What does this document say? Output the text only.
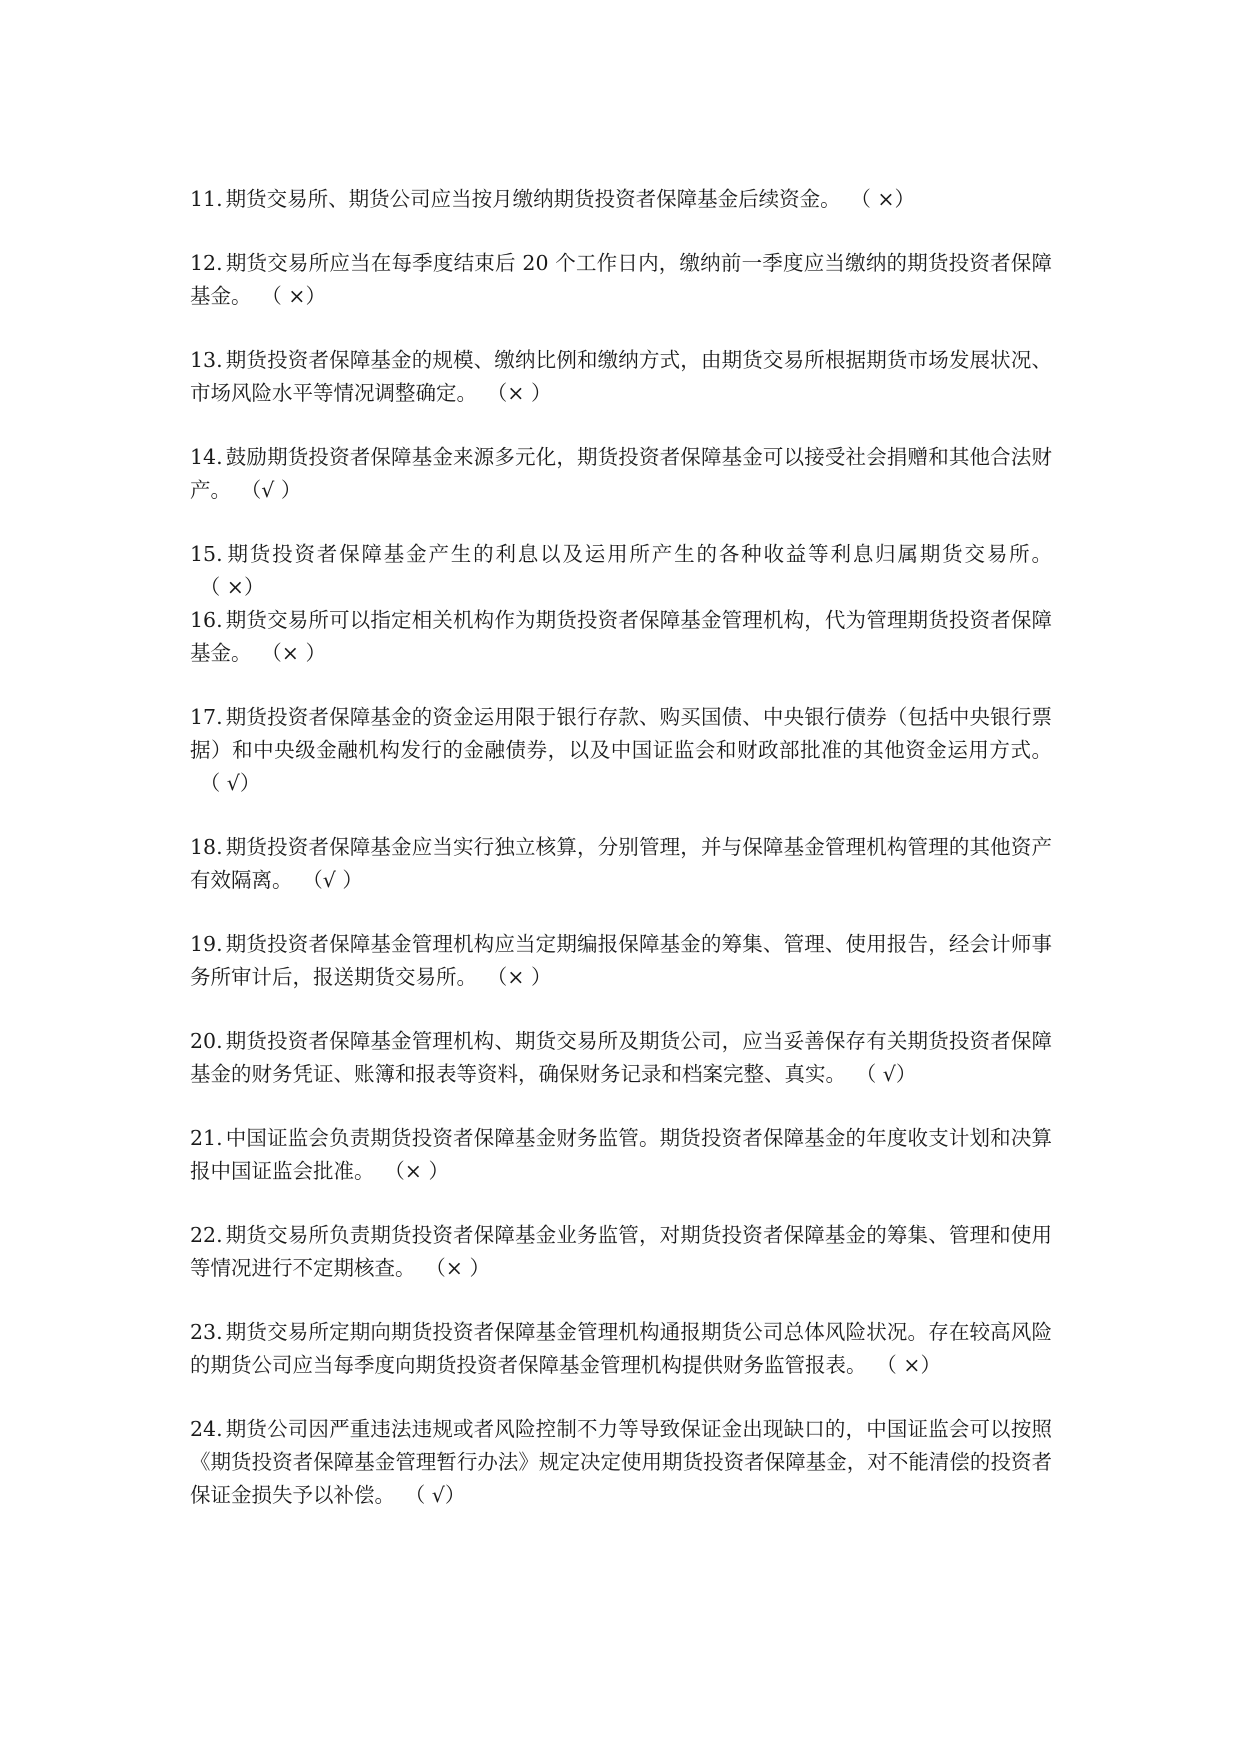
11. 期货交易所、期货公司应当按月缴纳期货投资者保障基金后续资金。 （ ×）
12. 期货交易所应当在每季度结束后 20 个工作日内，缴纳前一季度应当缴纳的期货投资者保障基金。 （ ×）
13. 期货投资者保障基金的规模、缴纳比例和缴纳方式，由期货交易所根据期货市场发展状况、市场风险水平等情况调整确定。 （× ）
14. 鼓励期货投资者保障基金来源多元化，期货投资者保障基金可以接受社会捐赠和其他合法财产。 （√ ）
15. 期货投资者保障基金产生的利息以及运用所产生的各种收益等利息归属期货交易所。（ ×）
16. 期货交易所可以指定相关机构作为期货投资者保障基金管理机构，代为管理期货投资者保障基金。 （× ）
17. 期货投资者保障基金的资金运用限于银行存款、购买国债、中央银行债券（包括中央银行票据）和中央级金融机构发行的金融债券，以及中国证监会和财政部批准的其他资金运用方式。（ √）
18. 期货投资者保障基金应当实行独立核算，分别管理，并与保障基金管理机构管理的其他资产有效隔离。 （√ ）
19. 期货投资者保障基金管理机构应当定期编报保障基金的筹集、管理、使用报告，经会计师事务所审计后，报送期货交易所。 （× ）
20. 期货投资者保障基金管理机构、期货交易所及期货公司，应当妥善保存有关期货投资者保障基金的财务凭证、账簿和报表等资料，确保财务记录和档案完整、真实。 （ √）
21. 中国证监会负责期货投资者保障基金财务监管。期货投资者保障基金的年度收支计划和决算报中国证监会批准。 （× ）
22. 期货交易所负责期货投资者保障基金业务监管，对期货投资者保障基金的筹集、管理和使用等情况进行不定期核查。 （× ）
23. 期货交易所定期向期货投资者保障基金管理机构通报期货公司总体风险状况。存在较高风险的期货公司应当每季度向期货投资者保障基金管理机构提供财务监管报表。 （ ×）
24. 期货公司因严重违法违规或者风险控制不力等导致保证金出现缺口的，中国证监会可以按照《期货投资者保障基金管理暂行办法》规定决定使用期货投资者保障基金，对不能清偿的投资者保证金损失予以补偿。 （ √）
